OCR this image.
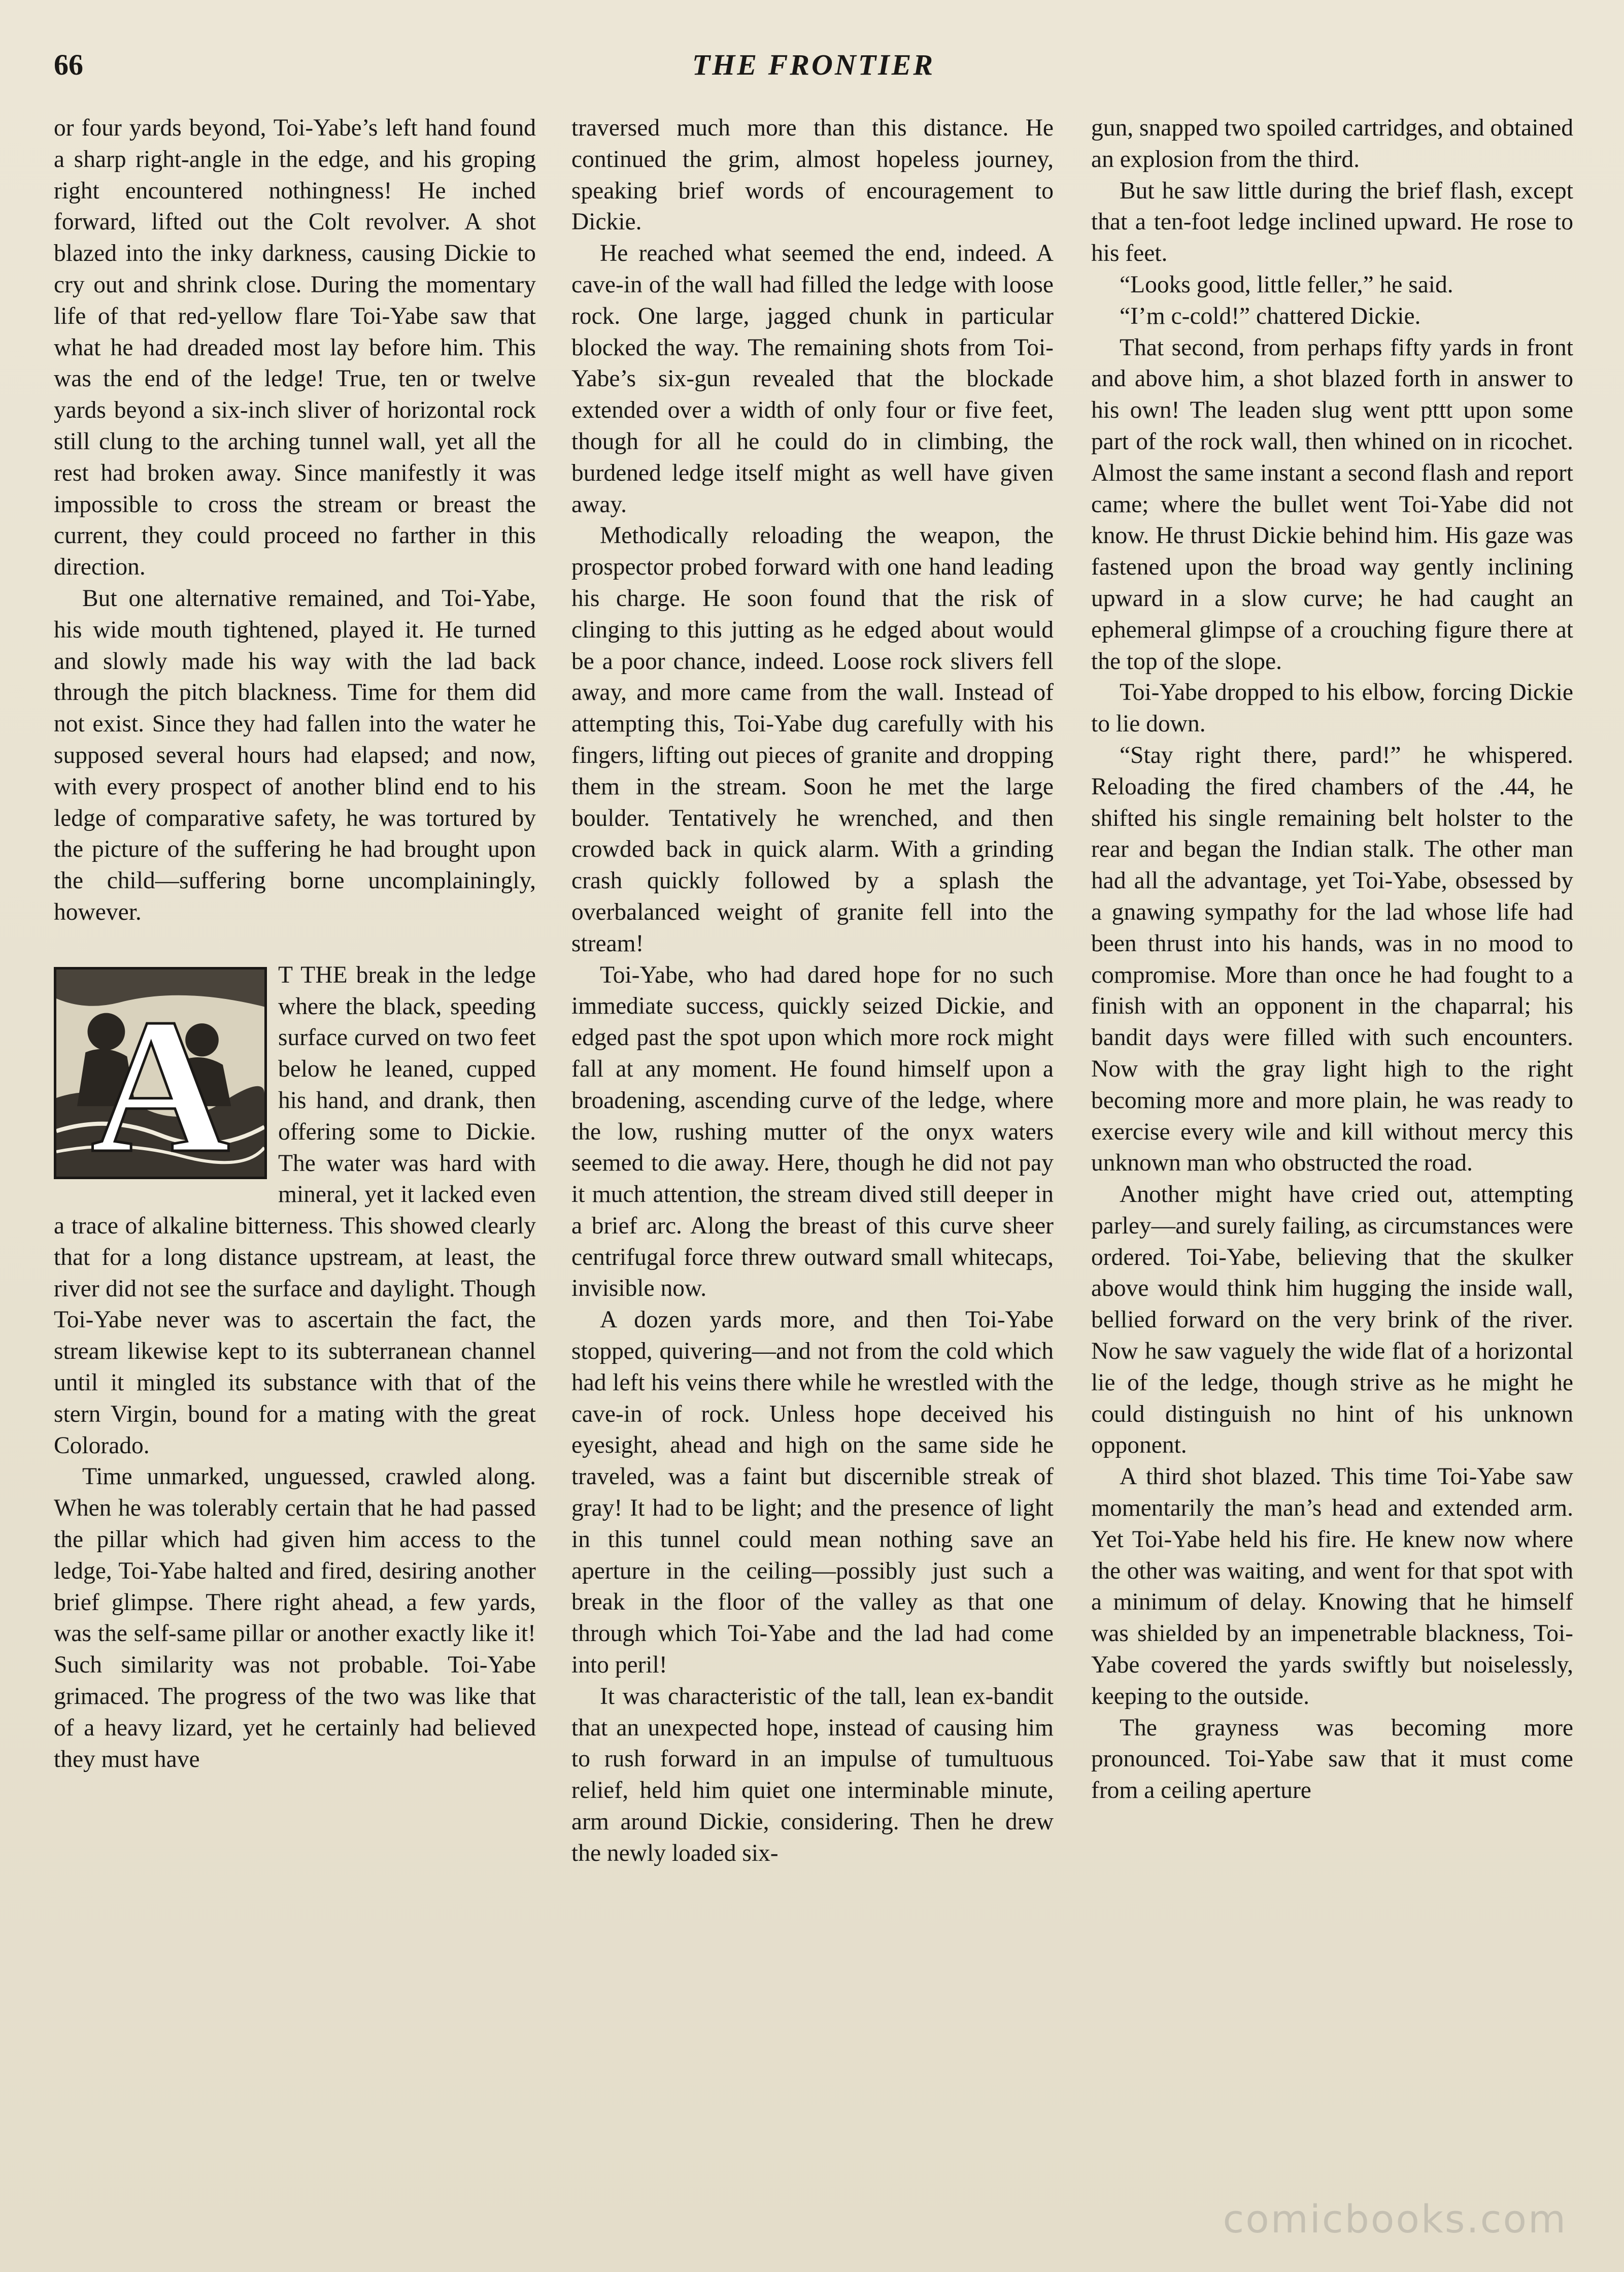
66	THE FRONTIER

or four yards beyond, Toi-Yabe’s left hand found a sharp right-angle in the edge, and his groping right encountered nothingness! He inched forward, lifted out the Colt revolver. A shot blazed into the inky darkness, causing Dickie to cry out and shrink close. During the momentary life of that red-yellow flare Toi-Yabe saw that what he had dreaded most lay before him. This was the end of the ledge! True, ten or twelve yards beyond a six-inch sliver of horizontal rock still clung to the arching tunnel wall, yet all the rest had broken away. Since manifestly it was impossible to cross the stream or breast the current, they could proceed no farther in this direction.

But one alternative remained, and Toi-Yabe, his wide mouth tightened, played it. He turned and slowly made his way with the lad back through the pitch blackness. Time for them did not exist. Since they had fallen into the water he supposed several hours had elapsed; and now, with every prospect of another blind end to his ledge of comparative safety, he was tortured by the picture of the suffering he had brought upon the child—suffering borne uncomplainingly, however.

A
T THE break in the ledge where the black, speeding surface curved on two feet below he leaned, cupped his hand, and drank, then offering some to Dickie. The water was hard with mineral, yet it lacked even a trace of alkaline bitterness. This showed clearly that for a long distance upstream, at least, the river did not see the surface and daylight. Though Toi-Yabe never was to ascertain the fact, the stream likewise kept to its subterranean channel until it mingled its substance with that of the stern Virgin, bound for a mating with the great Colorado.

Time unmarked, unguessed, crawled along. When he was tolerably certain that he had passed the pillar which had given him access to the ledge, Toi-Yabe halted and fired, desiring another brief glimpse. There right ahead, a few yards, was the self-same pillar or another exactly like it! Such similarity was not probable. Toi-Yabe grimaced. The progress of the two was like that of a heavy lizard, yet he certainly had believed they must have

traversed much more than this distance. He continued the grim, almost hopeless journey, speaking brief words of encouragement to Dickie.

He reached what seemed the end, indeed. A cave-in of the wall had filled the ledge with loose rock. One large, jagged chunk in particular blocked the way. The remaining shots from Toi-Yabe’s six-gun revealed that the blockade extended over a width of only four or five feet, though for all he could do in climbing, the burdened ledge itself might as well have given away.

Methodically reloading the weapon, the prospector probed forward with one hand leading his charge. He soon found that the risk of clinging to this jutting as he edged about would be a poor chance, indeed. Loose rock slivers fell away, and more came from the wall. Instead of attempting this, Toi-Yabe dug carefully with his fingers, lifting out pieces of granite and dropping them in the stream. Soon he met the large boulder. Tentatively he wrenched, and then crowded back in quick alarm. With a grinding crash quickly followed by a splash the overbalanced weight of granite fell into the stream!

Toi-Yabe, who had dared hope for no such immediate success, quickly seized Dickie, and edged past the spot upon which more rock might fall at any moment. He found himself upon a broadening, ascending curve of the ledge, where the low, rushing mutter of the onyx waters seemed to die away. Here, though he did not pay it much attention, the stream dived still deeper in a brief arc. Along the breast of this curve sheer centrifugal force threw outward small whitecaps, invisible now.

A dozen yards more, and then Toi-Yabe stopped, quivering—and not from the cold which had left his veins there while he wrestled with the cave-in of rock. Unless hope deceived his eyesight, ahead and high on the same side he traveled, was a faint but discernible streak of gray! It had to be light; and the presence of light in this tunnel could mean nothing save an aperture in the ceiling—possibly just such a break in the floor of the valley as that one through which Toi-Yabe and the lad had come into peril!

It was characteristic of the tall, lean ex-bandit that an unexpected hope, instead of causing him to rush forward in an impulse of tumultuous relief, held him quiet one interminable minute, arm around Dickie, considering. Then he drew the newly loaded six-

gun, snapped two spoiled cartridges, and obtained an explosion from the third.

But he saw little during the brief flash, except that a ten-foot ledge inclined upward. He rose to his feet.

“Looks good, little feller,” he said.

“I’m c-cold!” chattered Dickie.

That second, from perhaps fifty yards in front and above him, a shot blazed forth in answer to his own! The leaden slug went pttt upon some part of the rock wall, then whined on in ricochet. Almost the same instant a second flash and report came; where the bullet went Toi-Yabe did not know. He thrust Dickie behind him. His gaze was fastened upon the broad way gently inclining upward in a slow curve; he had caught an ephemeral glimpse of a crouching figure there at the top of the slope.

Toi-Yabe dropped to his elbow, forcing Dickie to lie down.

“Stay right there, pard!” he whispered. Reloading the fired chambers of the .44, he shifted his single remaining belt holster to the rear and began the Indian stalk. The other man had all the advantage, yet Toi-Yabe, obsessed by a gnawing sympathy for the lad whose life had been thrust into his hands, was in no mood to compromise. More than once he had fought to a finish with an opponent in the chaparral; his bandit days were filled with such encounters. Now with the gray light high to the right becoming more and more plain, he was ready to exercise every wile and kill without mercy this unknown man who obstructed the road.

Another might have cried out, attempting parley—and surely failing, as circumstances were ordered. Toi-Yabe, believing that the skulker above would think him hugging the inside wall, bellied forward on the very brink of the river. Now he saw vaguely the wide flat of a horizontal lie of the ledge, though strive as he might he could distinguish no hint of his unknown opponent.

A third shot blazed. This time Toi-Yabe saw momentarily the man’s head and extended arm. Yet Toi-Yabe held his fire. He knew now where the other was waiting, and went for that spot with a minimum of delay. Knowing that he himself was shielded by an impenetrable blackness, Toi-Yabe covered the yards swiftly but noiselessly, keeping to the outside.

The grayness was becoming more pronounced. Toi-Yabe saw that it must come from a ceiling aperture

comicbooks.com
